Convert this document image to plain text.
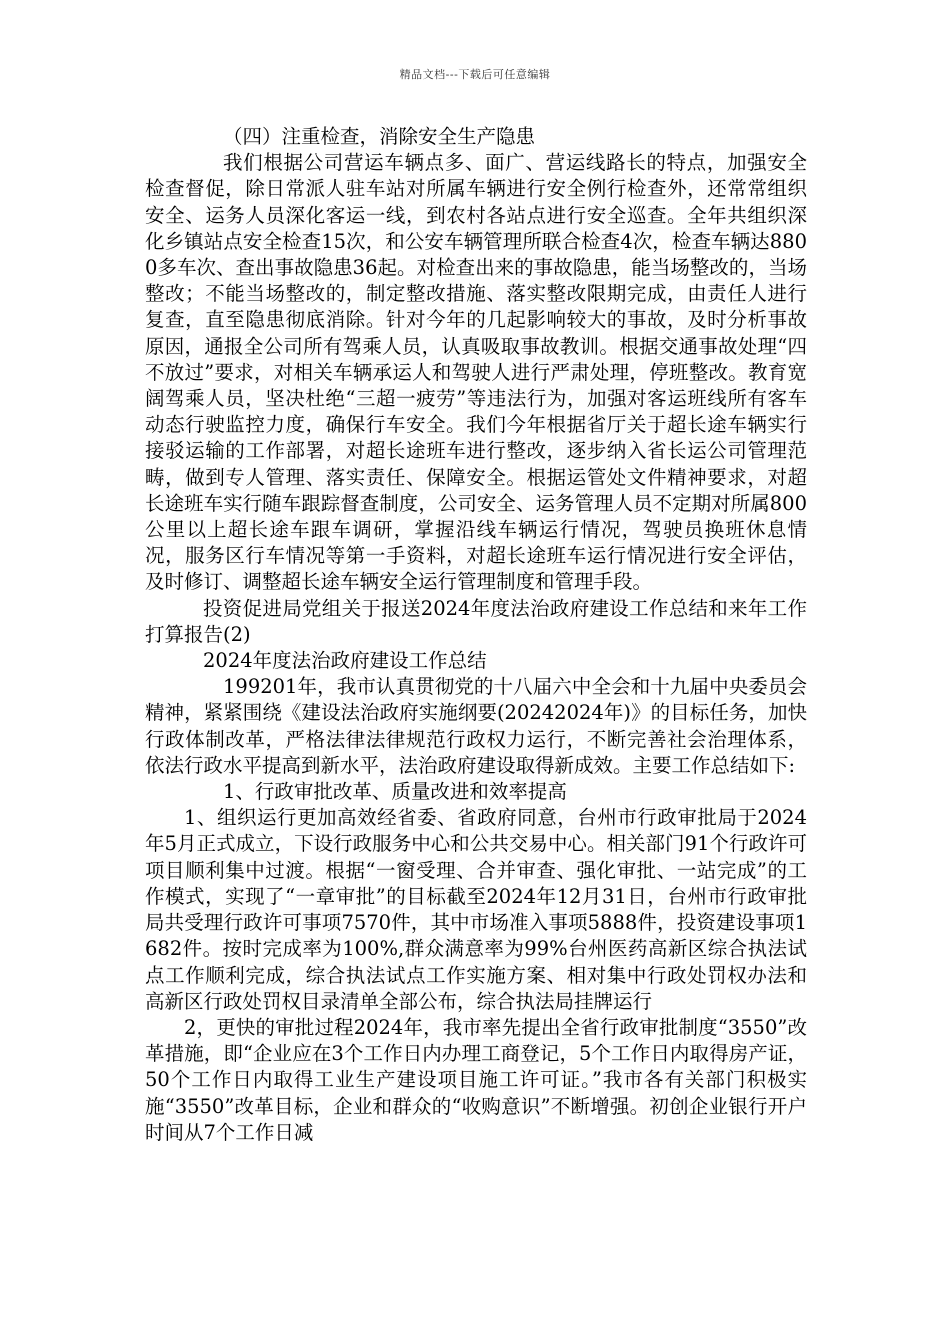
精品文档---下载后可任意编辑

（四）注重检查，消除安全生产隐患

我们根据公司营运车辆点多、面广、营运线路长的特点，加强安全检查督促，除日常派人驻车站对所属车辆进行安全例行检查外，还常常组织安全、运务人员深化客运一线，到农村各站点进行安全巡查。全年共组织深化乡镇站点安全检查15次，和公安车辆管理所联合检查4次，检查车辆达8800多车次、查出事故隐患36起。对检查出来的事故隐患，能当场整改的，当场整改；不能当场整改的，制定整改措施、落实整改限期完成，由责任人进行复查，直至隐患彻底消除。针对今年的几起影响较大的事故，及时分析事故原因，通报全公司所有驾乘人员，认真吸取事故教训。根据交通事故处理“四不放过”要求，对相关车辆承运人和驾驶人进行严肃处理，停班整改。教育宽阔驾乘人员，坚决杜绝“三超一疲劳”等违法行为，加强对客运班线所有客车动态行驶监控力度，确保行车安全。我们今年根据省厅关于超长途车辆实行接驳运输的工作部署，对超长途班车进行整改，逐步纳入省长运公司管理范畴，做到专人管理、落实责任、保障安全。根据运管处文件精神要求，对超长途班车实行随车跟踪督查制度，公司安全、运务管理人员不定期对所属800公里以上超长途车跟车调研，掌握沿线车辆运行情况，驾驶员换班休息情况，服务区行车情况等第一手资料，对超长途班车运行情况进行安全评估，及时修订、调整超长途车辆安全运行管理制度和管理手段。

投资促进局党组关于报送2024年度法治政府建设工作总结和来年工作打算报告(2)

2024年度法治政府建设工作总结

199201年，我市认真贯彻党的十八届六中全会和十九届中央委员会精神，紧紧围绕《建设法治政府实施纲要(20242024年)》的目标任务，加快行政体制改革，严格法律法律规范行政权力运行，不断完善社会治理体系，依法行政水平提高到新水平，法治政府建设取得新成效。主要工作总结如下:

1、行政审批改革、质量改进和效率提高

1、组织运行更加高效经省委、省政府同意，台州市行政审批局于2024年5月正式成立，下设行政服务中心和公共交易中心。相关部门91个行政许可项目顺利集中过渡。根据“一窗受理、合并审查、强化审批、一站完成”的工作模式，实现了“一章审批”的目标截至2024年12月31日，台州市行政审批局共受理行政许可事项7570件，其中市场准入事项5888件，投资建设事项1682件。按时完成率为100%,群众满意率为99%台州医药高新区综合执法试点工作顺利完成，综合执法试点工作实施方案、相对集中行政处罚权办法和高新区行政处罚权目录清单全部公布，综合执法局挂牌运行

2，更快的审批过程2024年，我市率先提出全省行政审批制度“3550”改革措施，即“企业应在3个工作日内办理工商登记，5个工作日内取得房产证，50个工作日内取得工业生产建设项目施工许可证。”我市各有关部门积极实施“3550”改革目标，企业和群众的“收购意识”不断增强。初创企业银行开户时间从7个工作日减
